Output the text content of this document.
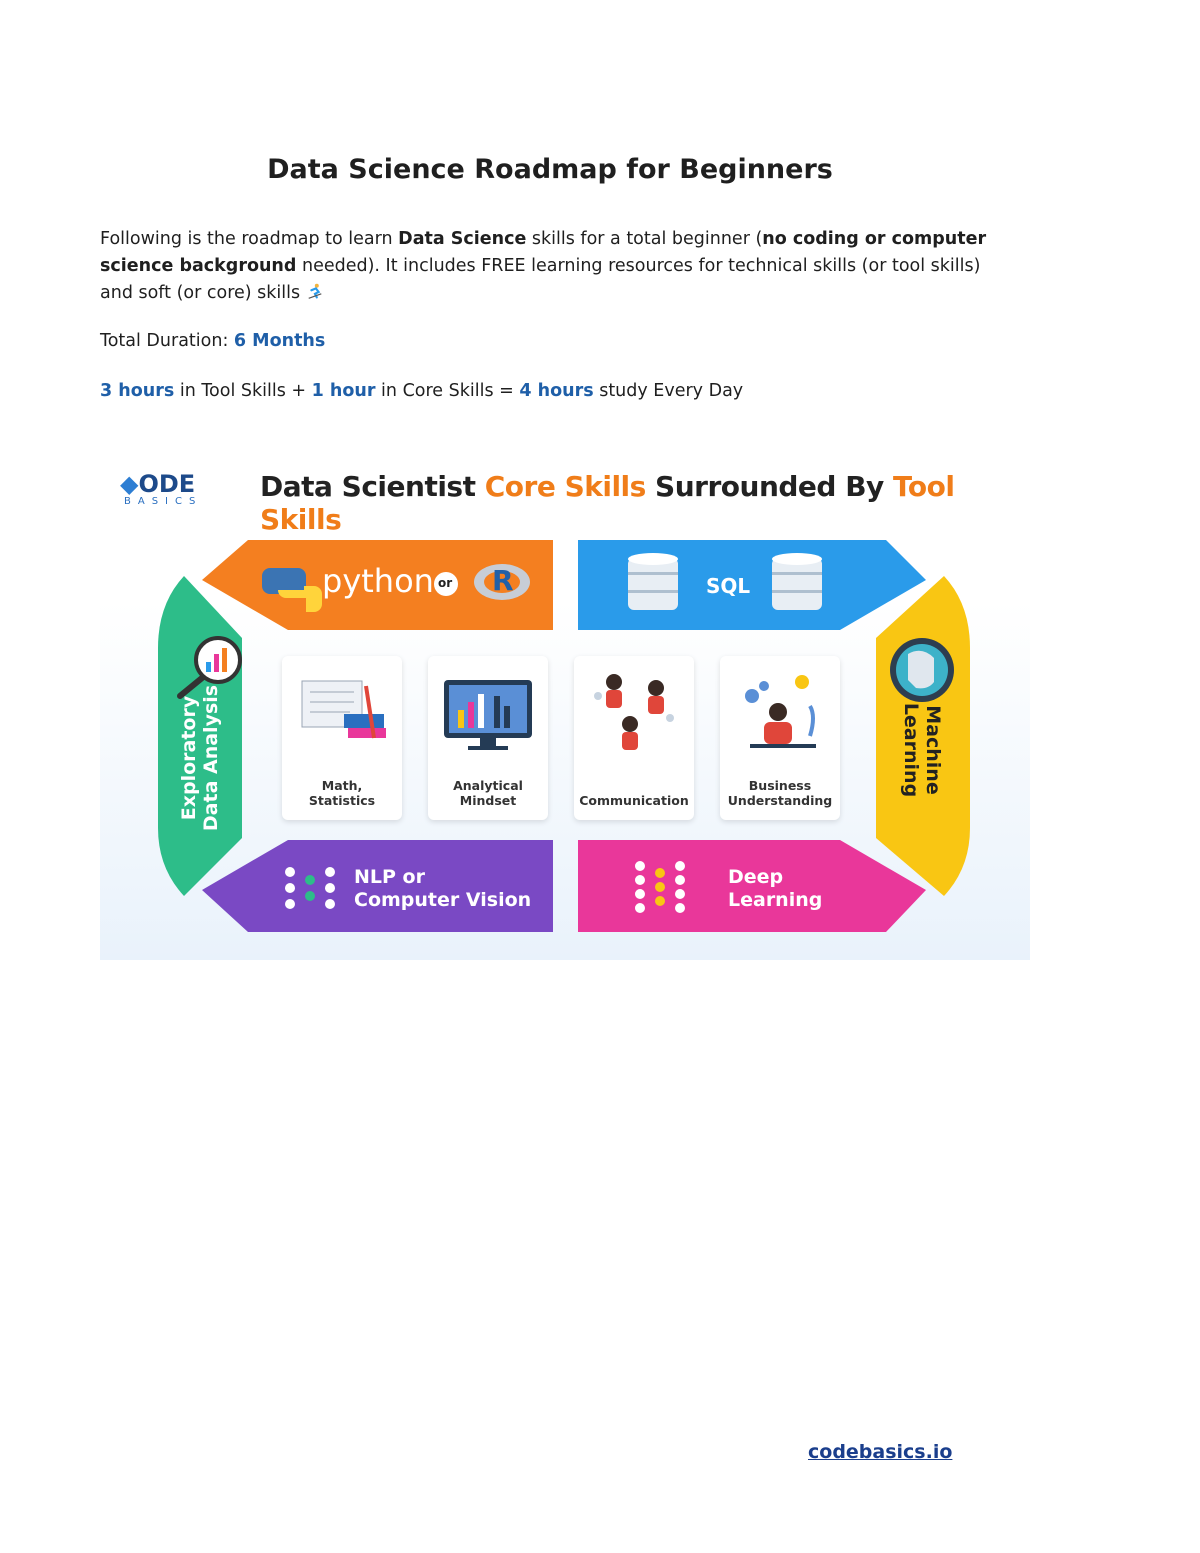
Data Science Roadmap for Beginners
Following is the roadmap to learn Data Science skills for a total beginner (no coding or computer science background needed). It includes FREE learning resources for technical skills (or tool skills) and soft (or core) skills
Total Duration: 6 Months
3 hours in Tool Skills + 1 hour in Core Skills = 4 hours study Every Day
◆ODE
BASICS Data Scientist Core Skills Surrounded By Tool Skills
python or R	SQL
NLP or
Computer Vision
Deep
Learning
Exploratory Data Analysis	Machine
Learning
Math,
Statistics
Analytical
Mindset	Communication
Business
Understanding
codebasics.io
